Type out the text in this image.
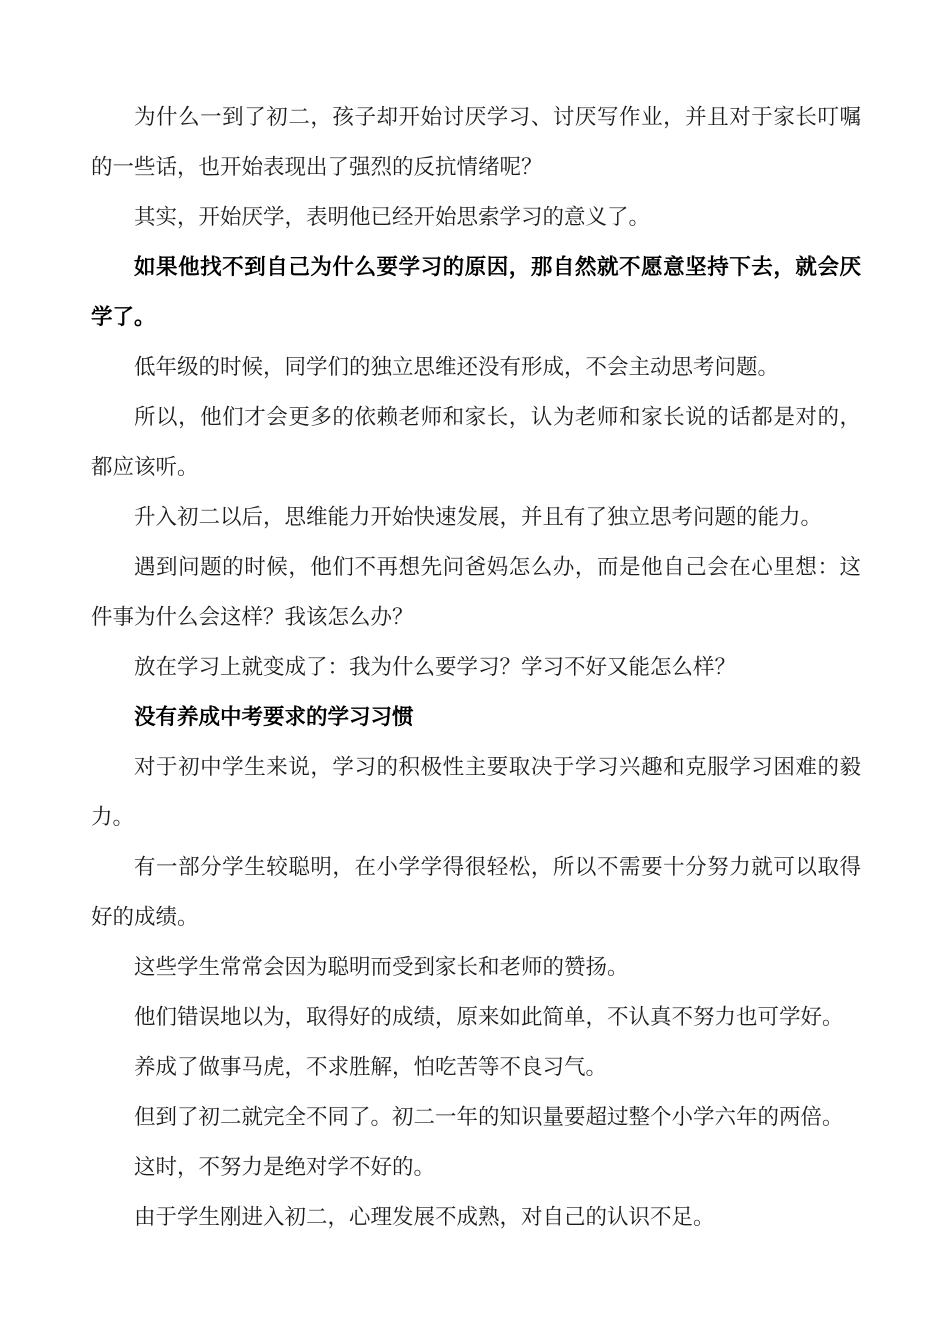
为什么一到了初二，孩子却开始讨厌学习、讨厌写作业，并且对于家长叮嘱的一些话，也开始表现出了强烈的反抗情绪呢？

其实，开始厌学，表明他已经开始思索学习的意义了。

如果他找不到自己为什么要学习的原因，那自然就不愿意坚持下去，就会厌学了。

低年级的时候，同学们的独立思维还没有形成，不会主动思考问题。

所以，他们才会更多的依赖老师和家长，认为老师和家长说的话都是对的，都应该听。

升入初二以后，思维能力开始快速发展，并且有了独立思考问题的能力。

遇到问题的时候，他们不再想先问爸妈怎么办，而是他自己会在心里想：这件事为什么会这样？我该怎么办？

放在学习上就变成了：我为什么要学习？学习不好又能怎么样？

没有养成中考要求的学习习惯

对于初中学生来说，学习的积极性主要取决于学习兴趣和克服学习困难的毅力。

有一部分学生较聪明，在小学学得很轻松，所以不需要十分努力就可以取得好的成绩。

这些学生常常会因为聪明而受到家长和老师的赞扬。

他们错误地以为，取得好的成绩，原来如此简单，不认真不努力也可学好。

养成了做事马虎，不求胜解，怕吃苦等不良习气。

但到了初二就完全不同了。初二一年的知识量要超过整个小学六年的两倍。

这时，不努力是绝对学不好的。

由于学生刚进入初二，心理发展不成熟，对自己的认识不足。
